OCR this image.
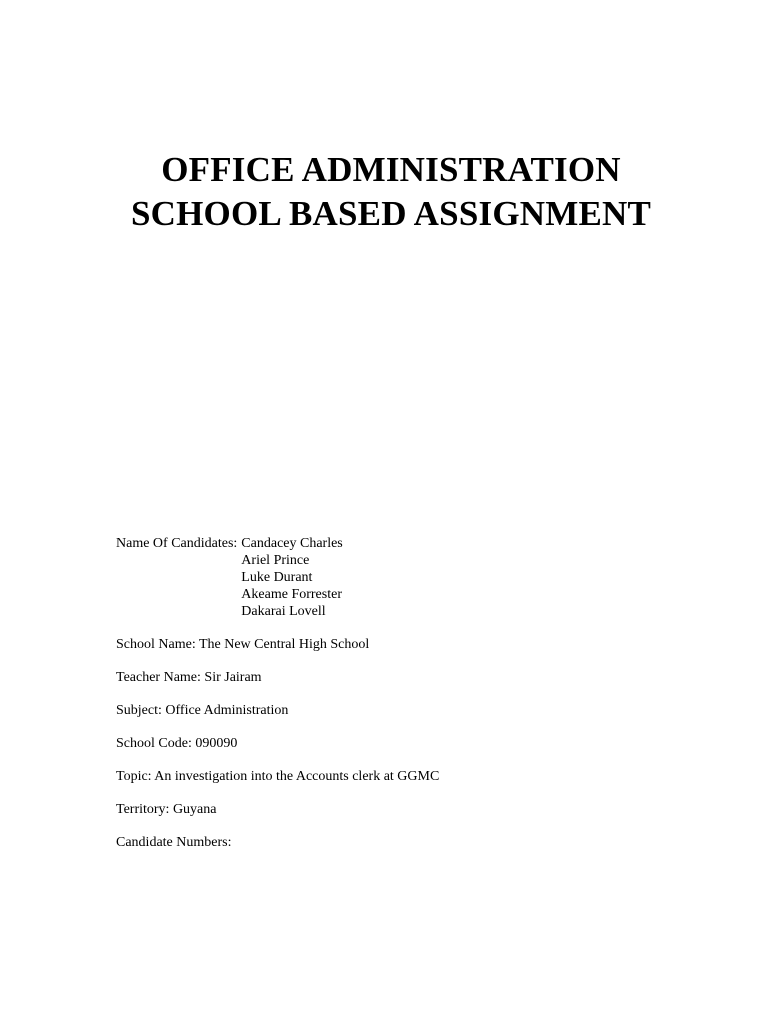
OFFICE ADMINISTRATION
SCHOOL BASED ASSIGNMENT
Name Of Candidates: Candacey Charles
Ariel Prince
Luke Durant
Akeame Forrester
Dakarai Lovell
School Name: The New Central High School
Teacher Name: Sir Jairam
Subject: Office Administration
School Code: 090090
Topic: An investigation into the Accounts clerk at GGMC
Territory: Guyana
Candidate Numbers:
